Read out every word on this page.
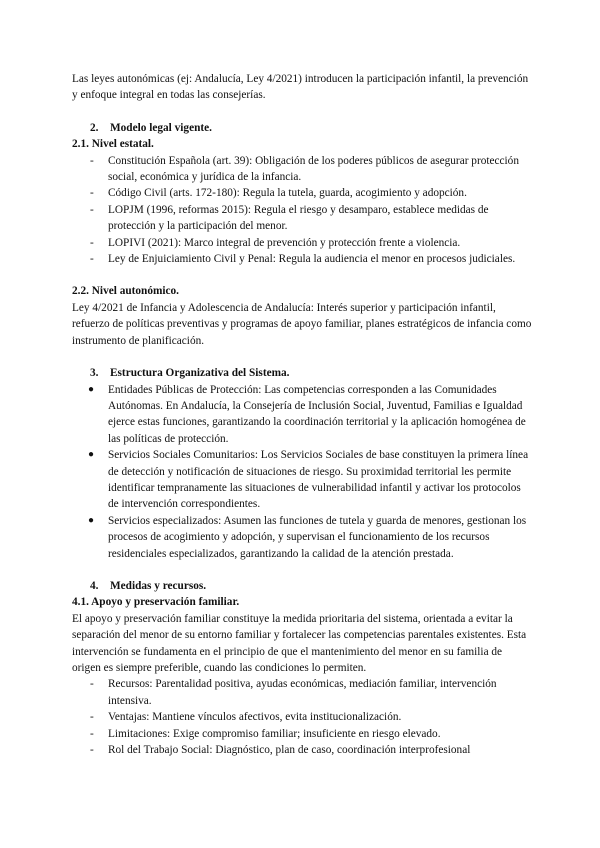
Las leyes autonómicas (ej: Andalucía, Ley 4/2021) introducen la participación infantil, la prevención y enfoque integral en todas las consejerías.

2.	Modelo legal vigente.

2.1. Nivel estatal.

-	Constitución Española (art. 39): Obligación de los poderes públicos de asegurar protección social, económica y jurídica de la infancia.
-	Código Civil (arts. 172-180): Regula la tutela, guarda, acogimiento y adopción.
-	LOPJM (1996, reformas 2015): Regula el riesgo y desamparo, establece medidas de protección y la participación del menor.
-	LOPIVI (2021): Marco integral de prevención y protección frente a violencia.
-	Ley de Enjuiciamiento Civil y Penal: Regula la audiencia el menor en procesos judiciales.

2.2. Nivel autonómico.

Ley 4/2021 de Infancia y Adolescencia de Andalucía: Interés superior y participación infantil, refuerzo de políticas preventivas y programas de apoyo familiar, planes estratégicos de infancia como instrumento de planificación.

3.	Estructura Organizativa del Sistema.
●	Entidades Públicas de Protección: Las competencias corresponden a las Comunidades Autónomas. En Andalucía, la Consejería de Inclusión Social, Juventud, Familias e Igualdad ejerce estas funciones, garantizando la coordinación territorial y la aplicación homogénea de las políticas de protección.
●	Servicios Sociales Comunitarios: Los Servicios Sociales de base constituyen la primera línea de detección y notificación de situaciones de riesgo. Su proximidad territorial les permite identificar tempranamente las situaciones de vulnerabilidad infantil y activar los protocolos de intervención correspondientes.
●	Servicios especializados: Asumen las funciones de tutela y guarda de menores, gestionan los procesos de acogimiento y adopción, y supervisan el funcionamiento de los recursos residenciales especializados, garantizando la calidad de la atención prestada.
4.	Medidas y recursos.

4.1. Apoyo y preservación familiar.

El apoyo y preservación familiar constituye la medida prioritaria del sistema, orientada a evitar la separación del menor de su entorno familiar y fortalecer las competencias parentales existentes. Esta intervención se fundamenta en el principio de que el mantenimiento del menor en su familia de origen es siempre preferible, cuando las condiciones lo permiten.

-	Recursos: Parentalidad positiva, ayudas económicas, mediación familiar, intervención intensiva.
-	Ventajas: Mantiene vínculos afectivos, evita institucionalización.
-	Limitaciones: Exige compromiso familiar; insuficiente en riesgo elevado.
-	Rol del Trabajo Social: Diagnóstico, plan de caso, coordinación interprofesional
